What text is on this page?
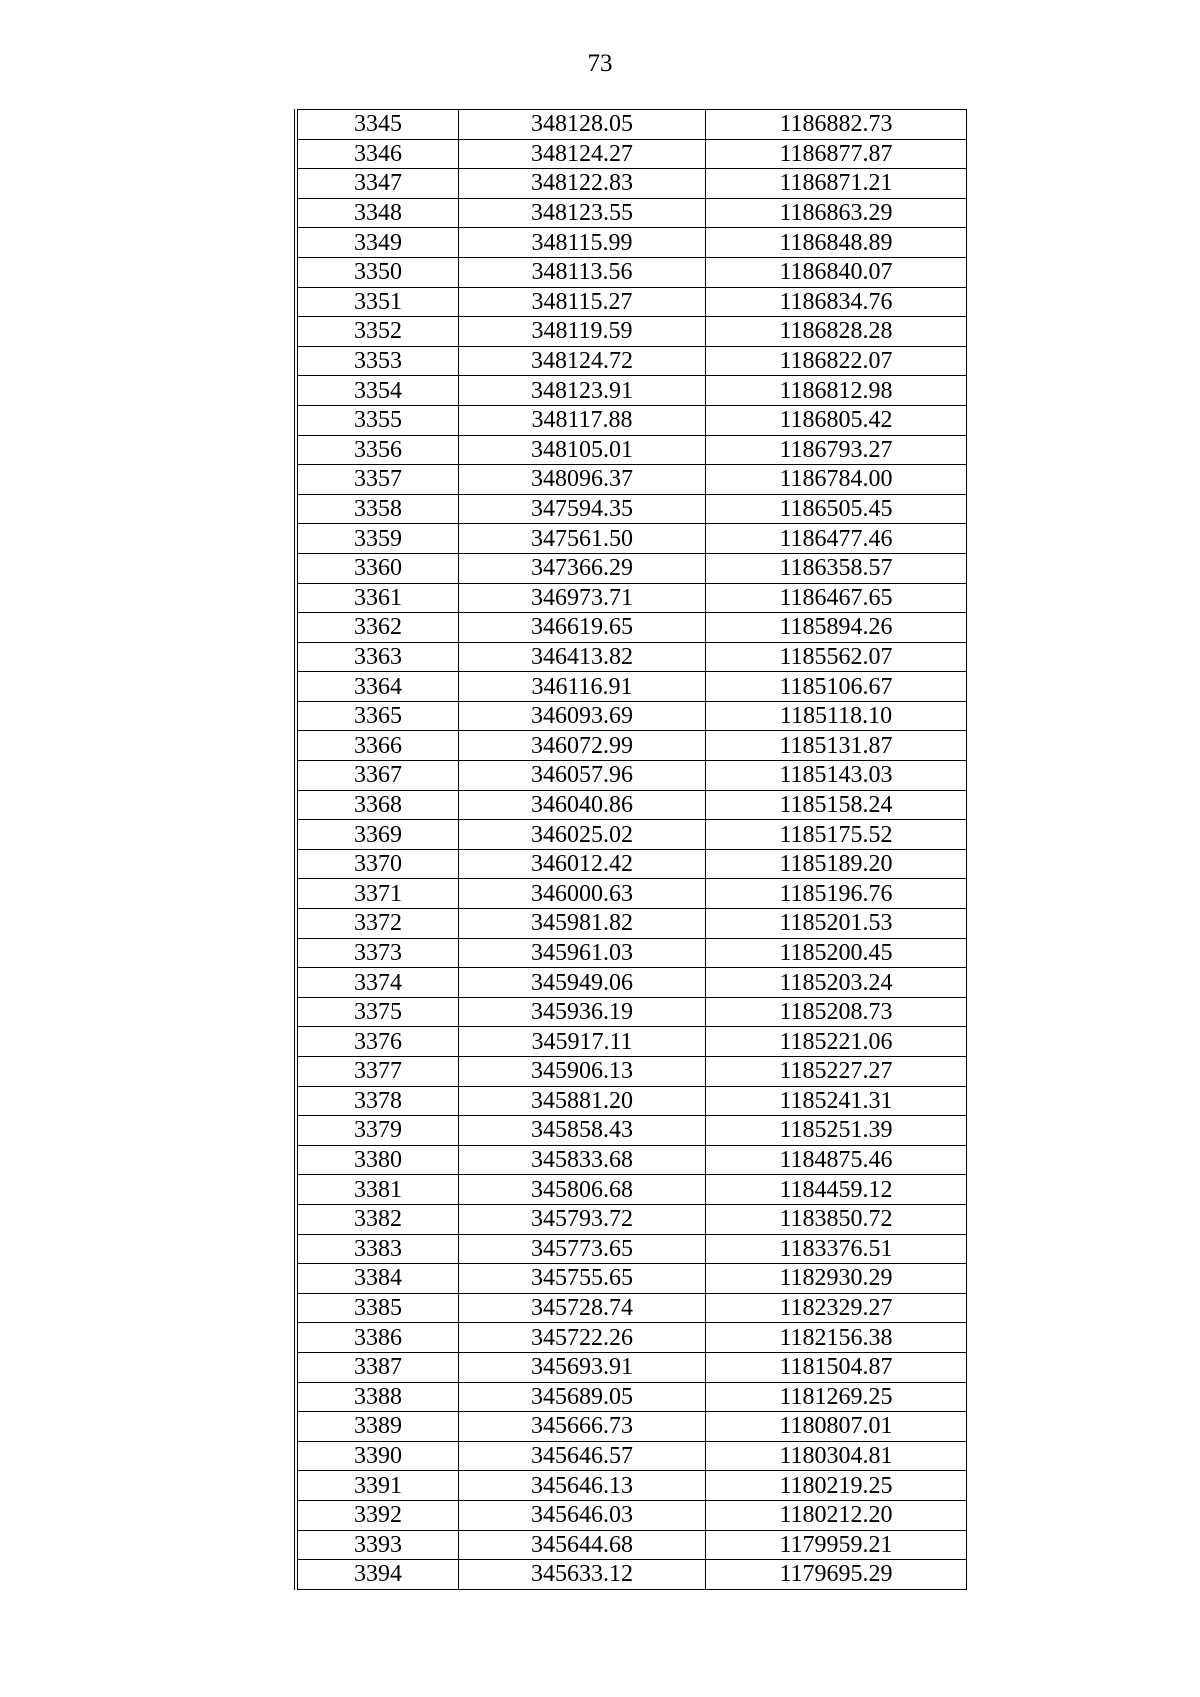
73
3345	348128.05	1186882.73
3346	348124.27	1186877.87
3347	348122.83	1186871.21
3348	348123.55	1186863.29
3349	348115.99	1186848.89
3350	348113.56	1186840.07
3351	348115.27	1186834.76
3352	348119.59	1186828.28
3353	348124.72	1186822.07
3354	348123.91	1186812.98
3355	348117.88	1186805.42
3356	348105.01	1186793.27
3357	348096.37	1186784.00
3358	347594.35	1186505.45
3359	347561.50	1186477.46
3360	347366.29	1186358.57
3361	346973.71	1186467.65
3362	346619.65	1185894.26
3363	346413.82	1185562.07
3364	346116.91	1185106.67
3365	346093.69	1185118.10
3366	346072.99	1185131.87
3367	346057.96	1185143.03
3368	346040.86	1185158.24
3369	346025.02	1185175.52
3370	346012.42	1185189.20
3371	346000.63	1185196.76
3372	345981.82	1185201.53
3373	345961.03	1185200.45
3374	345949.06	1185203.24
3375	345936.19	1185208.73
3376	345917.11	1185221.06
3377	345906.13	1185227.27
3378	345881.20	1185241.31
3379	345858.43	1185251.39
3380	345833.68	1184875.46
3381	345806.68	1184459.12
3382	345793.72	1183850.72
3383	345773.65	1183376.51
3384	345755.65	1182930.29
3385	345728.74	1182329.27
3386	345722.26	1182156.38
3387	345693.91	1181504.87
3388	345689.05	1181269.25
3389	345666.73	1180807.01
3390	345646.57	1180304.81
3391	345646.13	1180219.25
3392	345646.03	1180212.20
3393	345644.68	1179959.21
3394	345633.12	1179695.29
